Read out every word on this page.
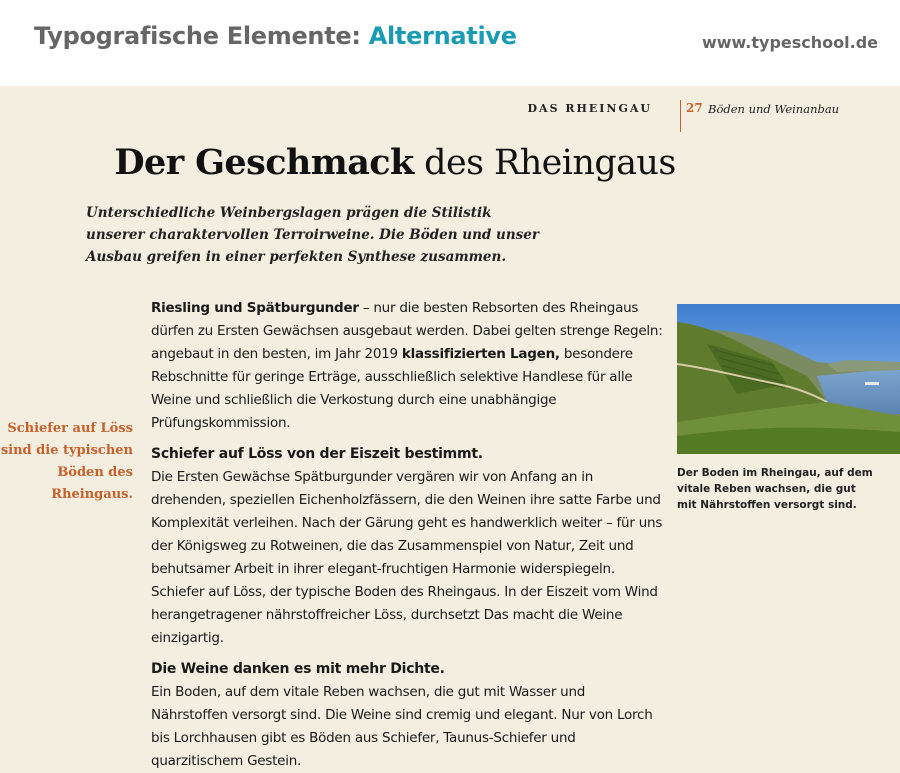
Typografische Elemente: Alternative	www.typeschool.de
DAS RHEINGAU	27 Böden und Weinanbau
Der Geschmack des Rheingaus
Unterschiedliche Weinbergslagen prägen die Stilistik unserer charaktervollen Terroirweine. Die Böden und unser Ausbau greifen in einer perfekten Synthese zusammen.

Riesling und Spätburgunder – nur die besten Rebsorten des Rheingaus dürfen zu Ersten Gewächsen ausgebaut werden. Dabei gelten strenge Regeln: angebaut in den besten, im Jahr 2019 klassifizierten Lagen, besondere Rebschnitte für geringe Erträge, ausschließlich selektive Handlese für alle Weine und schließlich die Verkostung durch eine unabhängige Prüfungskommission.

Schiefer auf Löss von der Eiszeit bestimmt.

Die Ersten Gewächse Spätburgunder vergären wir von Anfang an in drehenden, speziellen Eichenholzfässern, die den Weinen ihre satte Farbe und Komplexität verleihen. Nach der Gärung geht es handwerklich weiter – für uns der Königsweg zu Rotweinen, die das Zusammenspiel von Natur, Zeit und behutsamer Arbeit in ihrer elegant-fruchtigen Harmonie widerspiegeln. Schiefer auf Löss, der typische Boden des Rheingaus. In der Eiszeit vom Wind herangetragener nährstoffreicher Löss, durchsetzt Das macht die Weine einzigartig.

Die Weine danken es mit mehr Dichte.

Ein Boden, auf dem vitale Reben wachsen, die gut mit Wasser und Nährstoffen versorgt sind. Die Weine sind cremig und elegant. Nur von Lorch bis Lorchhausen gibt es Böden aus Schiefer, Taunus-Schiefer und quarzitischem Gestein.

Schiefer auf Löss sind die typischen Böden des Rheingaus.
Der Boden im Rheingau, auf dem vitale Reben wachsen, die gut mit Nährstoffen versorgt sind.
